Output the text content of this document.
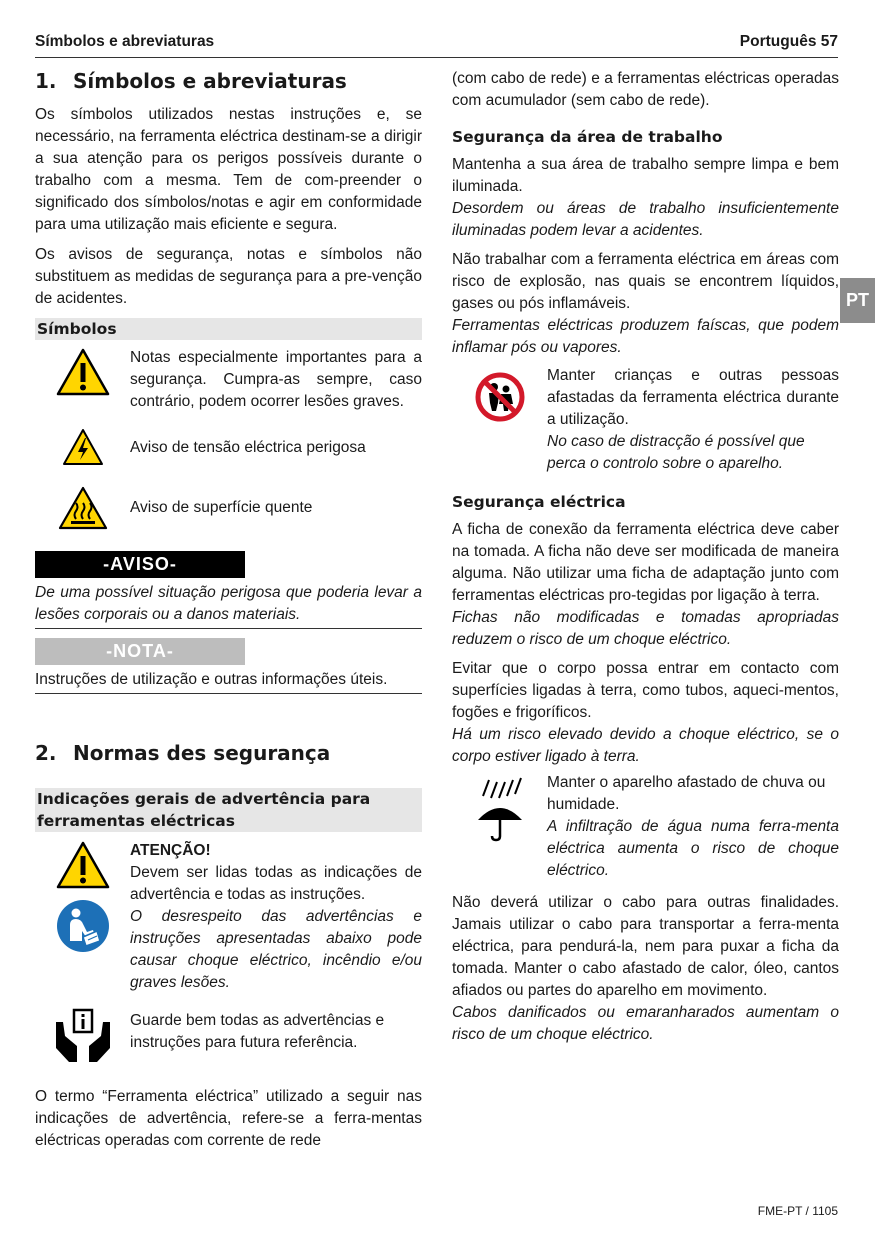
Símbolos e abreviaturas	Português 57
PT
1. Símbolos e abreviaturas

Os símbolos utilizados nestas instruções e, se necessário, na ferramenta eléctrica destinam-se a dirigir a sua atenção para os perigos possíveis durante o trabalho com a mesma. Tem de com-preender o significado dos símbolos/notas e agir em conformidade para uma utilização mais eficiente e segura.

Os avisos de segurança, notas e símbolos não substituem as medidas de segurança para a pre-venção de acidentes.

Símbolos

Notas especialmente importantes para a segurança. Cumpra-as sempre, caso contrário, podem ocorrer lesões graves.

Aviso de tensão eléctrica perigosa

Aviso de superfície quente

-AVISO-

De uma possível situação perigosa que poderia levar a lesões corporais ou a danos materiais.

-NOTA-

Instruções de utilização e outras informações úteis.

2. Normas des segurança
Indicações gerais de advertência para ferramentas eléctricas

ATENÇÃO!

Devem ser lidas todas as indicações de advertência e todas as instruções.

O desrespeito das advertências e instruções apresentadas abaixo pode causar choque eléctrico, incêndio e/ou graves lesões.

Guarde bem todas as advertências e instruções para futura referência.

O termo “Ferramenta eléctrica” utilizado a seguir nas indicações de advertência, refere-se a ferra-mentas eléctricas operadas com corrente de rede

(com cabo de rede) e a ferramentas eléctricas operadas com acumulador (sem cabo de rede).

Segurança da área de trabalho

Mantenha a sua área de trabalho sempre limpa e bem iluminada.

Desordem ou áreas de trabalho insuficientemente iluminadas podem levar a acidentes.

Não trabalhar com a ferramenta eléctrica em áreas com risco de explosão, nas quais se encontrem líquidos, gases ou pós inflamáveis.

Ferramentas eléctricas produzem faíscas, que podem inflamar pós ou vapores.

Manter crianças e outras pessoas afastadas da ferramenta eléctrica durante a utilização.

No caso de distracção é possível que perca o controlo sobre o aparelho.

Segurança eléctrica

A ficha de conexão da ferramenta eléctrica deve caber na tomada. A ficha não deve ser modificada de maneira alguma. Não utilizar uma ficha de adaptação junto com ferramentas eléctricas pro-tegidas por ligação à terra.

Fichas não modificadas e tomadas apropriadas reduzem o risco de um choque eléctrico.

Evitar que o corpo possa entrar em contacto com superfícies ligadas à terra, como tubos, aqueci-mentos, fogões e frigoríficos.

Há um risco elevado devido a choque eléctrico, se o corpo estiver ligado à terra.

Manter o aparelho afastado de chuva ou humidade.

A infiltração de água numa ferra-menta eléctrica aumenta o risco de choque eléctrico.

Não deverá utilizar o cabo para outras finalidades. Jamais utilizar o cabo para transportar a ferra-menta eléctrica, para pendurá-la, nem para puxar a ficha da tomada. Manter o cabo afastado de calor, óleo, cantos afiados ou partes do aparelho em movimento.

Cabos danificados ou emaranharados aumentam o risco de um choque eléctrico.

FME-PT / 1105
